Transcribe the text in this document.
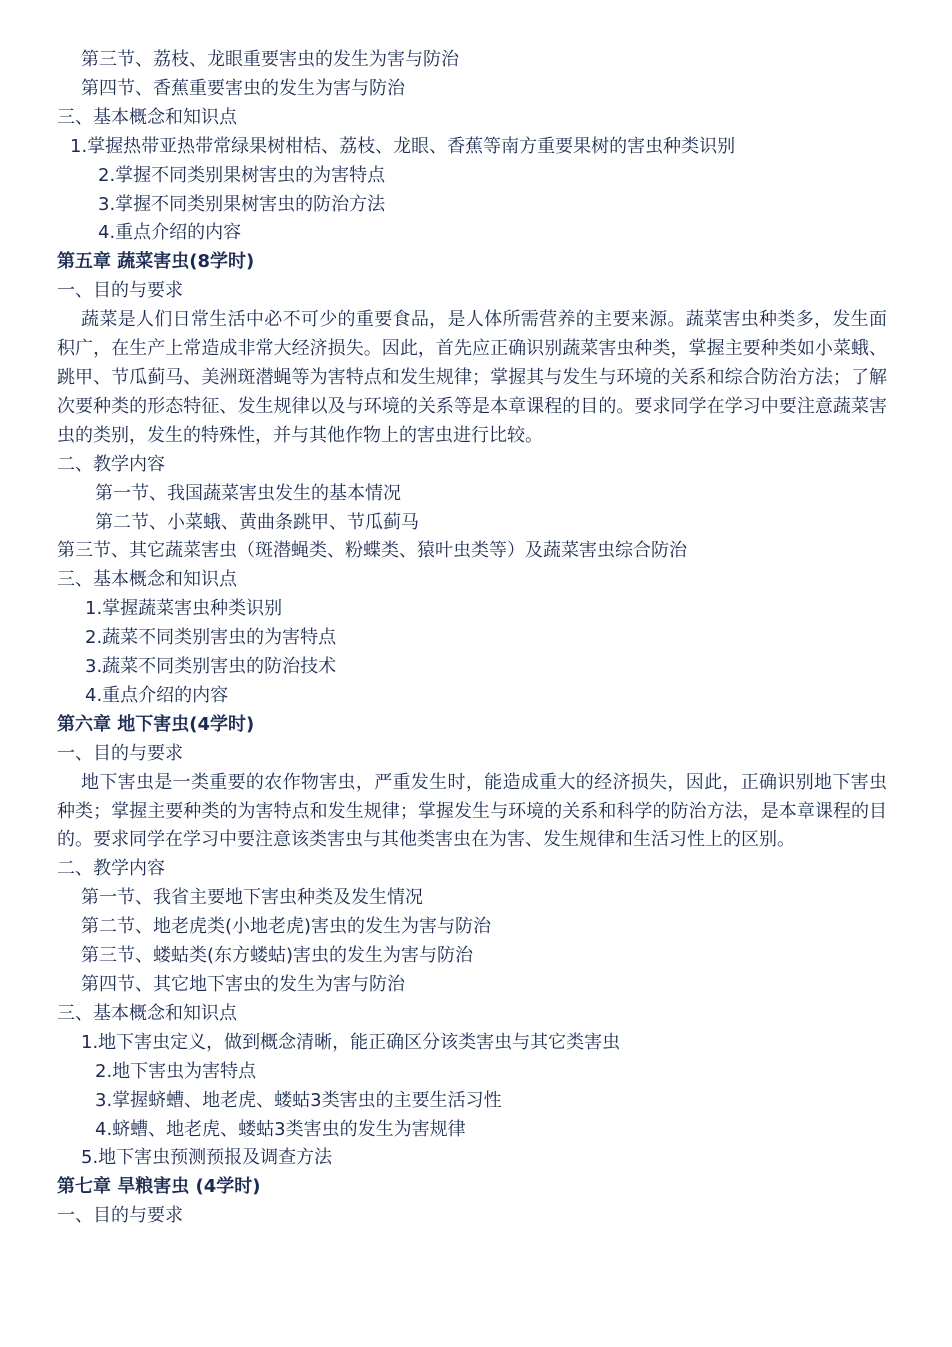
第三节、荔枝、龙眼重要害虫的发生为害与防治
第四节、香蕉重要害虫的发生为害与防治
三、基本概念和知识点
1.掌握热带亚热带常绿果树柑桔、荔枝、龙眼、香蕉等南方重要果树的害虫种类识别
2.掌握不同类别果树害虫的为害特点
3.掌握不同类别果树害虫的防治方法
4.重点介绍的内容
第五章 蔬菜害虫(8学时)
一、目的与要求
蔬菜是人们日常生活中必不可少的重要食品，是人体所需营养的主要来源。蔬菜害虫种类多，发生面积广，在生产上常造成非常大经济损失。因此，首先应正确识别蔬菜害虫种类，掌握主要种类如小菜蛾、跳甲、节瓜蓟马、美洲斑潜蝇等为害特点和发生规律；掌握其与发生与环境的关系和综合防治方法；了解次要种类的形态特征、发生规律以及与环境的关系等是本章课程的目的。要求同学在学习中要注意蔬菜害虫的类别，发生的特殊性，并与其他作物上的害虫进行比较。
二、教学内容
第一节、我国蔬菜害虫发生的基本情况
第二节、小菜蛾、黄曲条跳甲、节瓜蓟马
第三节、其它蔬菜害虫（斑潜蝇类、粉蝶类、猿叶虫类等）及蔬菜害虫综合防治
三、基本概念和知识点
1.掌握蔬菜害虫种类识别
2.蔬菜不同类别害虫的为害特点
3.蔬菜不同类别害虫的防治技术
4.重点介绍的内容
第六章 地下害虫(4学时)
一、目的与要求
地下害虫是一类重要的农作物害虫，严重发生时，能造成重大的经济损失，因此，正确识别地下害虫种类；掌握主要种类的为害特点和发生规律；掌握发生与环境的关系和科学的防治方法，是本章课程的目的。要求同学在学习中要注意该类害虫与其他类害虫在为害、发生规律和生活习性上的区别。
二、教学内容
第一节、我省主要地下害虫种类及发生情况
第二节、地老虎类(小地老虎)害虫的发生为害与防治
第三节、蝼蛄类(东方蝼蛄)害虫的发生为害与防治
第四节、其它地下害虫的发生为害与防治
三、基本概念和知识点
1.地下害虫定义，做到概念清晰，能正确区分该类害虫与其它类害虫
2.地下害虫为害特点
3.掌握蛴螬、地老虎、蝼蛄3类害虫的主要生活习性
4.蛴螬、地老虎、蝼蛄3类害虫的发生为害规律
5.地下害虫预测预报及调查方法
第七章 旱粮害虫 (4学时)
一、目的与要求
